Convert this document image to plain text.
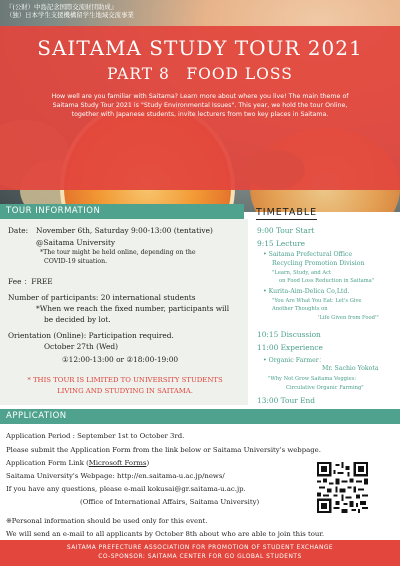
『(公財）中島記念国際交流財団助成』
（独）日本学生支援機構留学生地域交流事業
SAITAMA STUDY TOUR 2021
PART 8　FOOD LOSS
How well are you familiar with Saitama? Learn more about where you live! The main theme of
Saitama Study Tour 2021 is "Study Environmental Issues". This year, we hold the tour Online,
together with Japanese students, invite lecturers from two key places in Saitama.
TOUR INFORMATION
Date: November 6th, Saturday 9:00-13:00 (tentative)
@Saitama University
*The tour might be held online, depending on the
COVID-19 situation.
Fee ：FREE
Number of participants: 20 international students
*When we reach the fixed number, participants will
be decided by lot.
Orientation (Online): Participation required.
October 27th (Wed)
①12:00-13:00 or ②18:00-19:00
* THIS TOUR IS LIMITED TO UNIVERSITY STUDENTS
LIVING AND STUDYING IN SAITAMA.
TIMETABLE
9:00 Tour Start
9:15 Lecture
• Saitama Prefectural Office
Recycling Promotion Division
"Learn, Study, and Act
on Food Loss Reduction in Saitama"
• Kurita-Aim-Delica Co,Ltd.
"You Are What You Eat: Let's Give
Another Thoughts on
'Life Given from Food'"
10:15 Discussion
11:00 Experience
• Organic Farmer：
Mr. Sachio Yokota
"Why Not Grow Saitama Veggies:
Circulative Organic Farming"
13:00 Tour End
APPLICATION
Application Period : September 1st to October 3rd.
Please submit the Application Form from the link below or Saitama University's webpage.
Application Form Link (Microsoft Forms)
Saitama University's Webpage: http://en.saitama-u.ac.jp/news/
If you have any questions, please e-mail kokusai@gr.saitama-u.ac.jp.
(Office of International Affairs, Saitama University)
※Personal information should be used only for this event.
We will send an e-mail to all applicants by October 8th about who are able to join this tour.
SAITAMA PREFECTURE ASSOCIATION FOR PROMOTION OF STUDENT EXCHANGE
CO-SPONSOR: SAITAMA CENTER FOR GO GLOBAL STUDENTS
